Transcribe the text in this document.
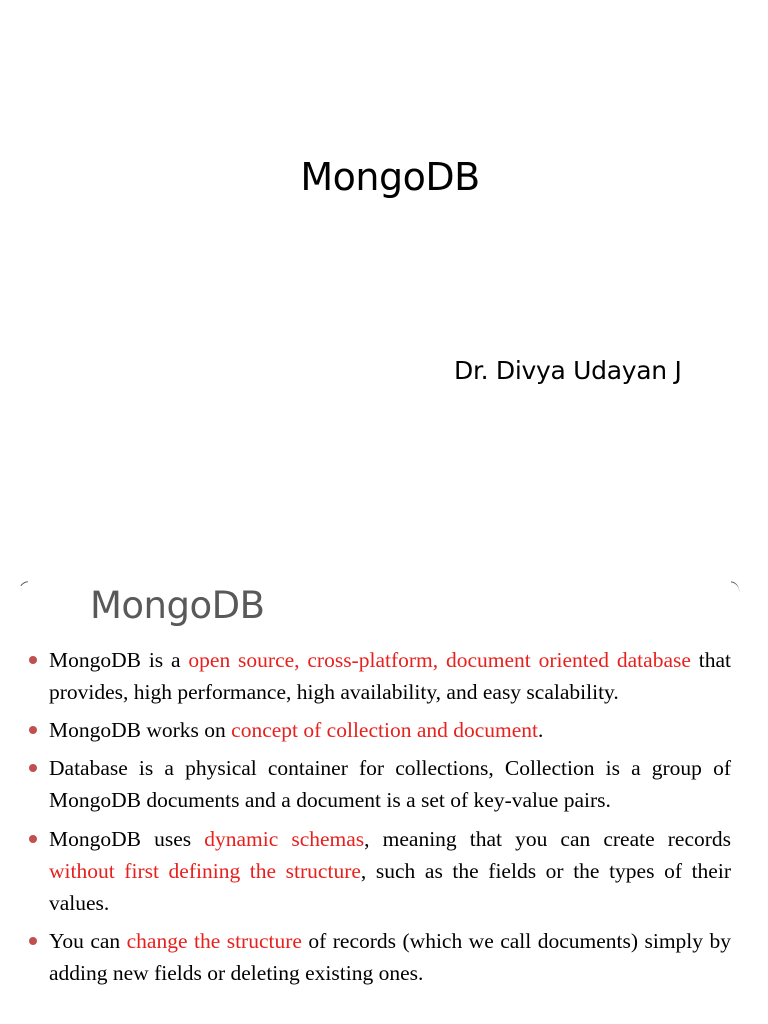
MongoDB
Dr. Divya Udayan J
MongoDB
MongoDB is a open source, cross-platform, document oriented database that provides, high performance, high availability, and easy scalability.
MongoDB works on concept of collection and document.
Database is a physical container for collections, Collection is a group of MongoDB documents and a document is a set of key-value pairs.
MongoDB uses dynamic schemas, meaning that you can create records without first defining the structure, such as the fields or the types of their values.
You can change the structure of records (which we call documents) simply by adding new fields or deleting existing ones.
